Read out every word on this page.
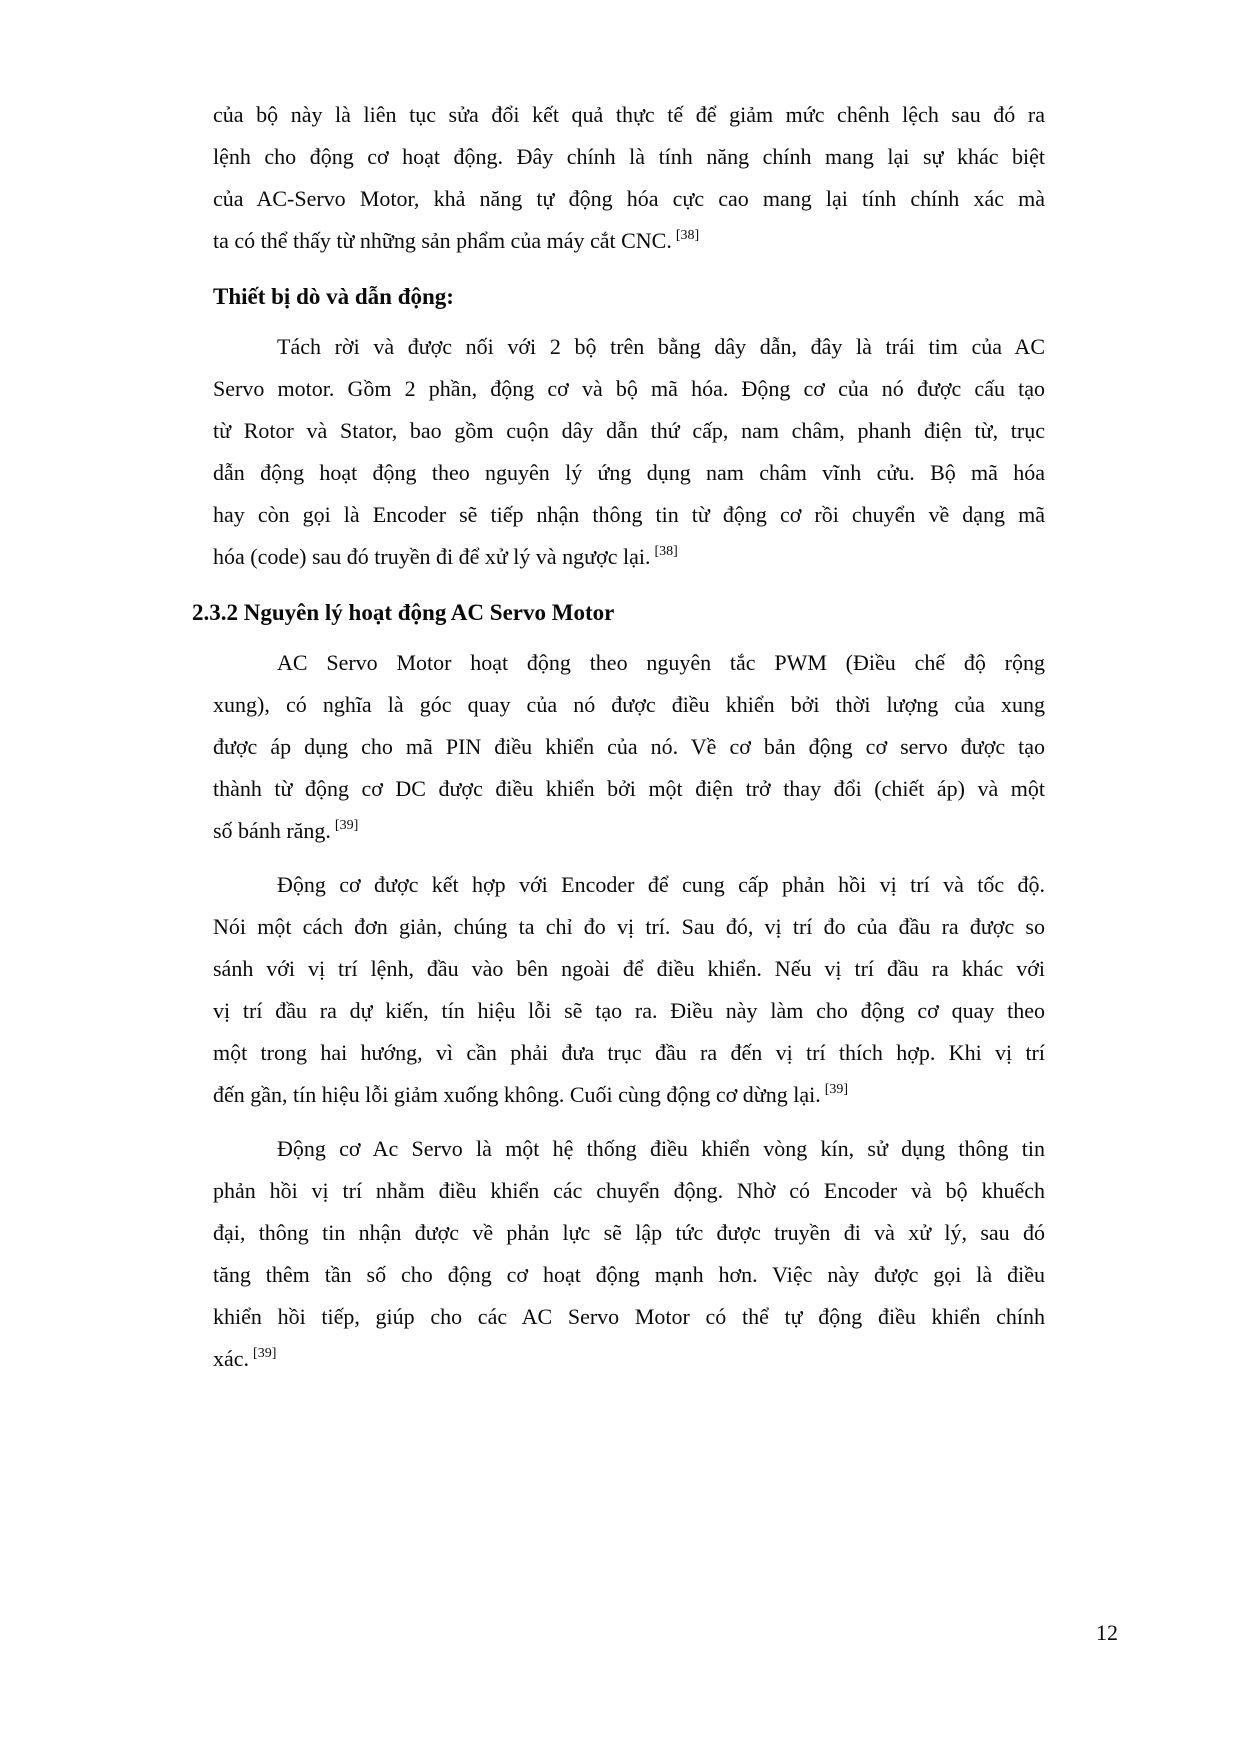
của bộ này là liên tục sửa đổi kết quả thực tế để giảm mức chênh lệch sau đó ra
lệnh cho động cơ hoạt động. Đây chính là tính năng chính mang lại sự khác biệt
của AC-Servo Motor, khả năng tự động hóa cực cao mang lại tính chính xác mà
ta có thể thấy từ những sản phẩm của máy cắt CNC. [38]
Thiết bị dò và dẫn động:
Tách rời và được nối với 2 bộ trên bằng dây dẫn, đây là trái tim của AC
Servo motor. Gồm 2 phần, động cơ và bộ mã hóa. Động cơ của nó được cấu tạo
từ Rotor và Stator, bao gồm cuộn dây dẫn thứ cấp, nam châm, phanh điện từ, trục
dẫn động hoạt động theo nguyên lý ứng dụng nam châm vĩnh cửu. Bộ mã hóa
hay còn gọi là Encoder sẽ tiếp nhận thông tin từ động cơ rồi chuyển về dạng mã
hóa (code) sau đó truyền đi để xử lý và ngược lại. [38]
2.3.2 Nguyên lý hoạt động AC Servo Motor
AC Servo Motor hoạt động theo nguyên tắc PWM (Điều chế độ rộng
xung), có nghĩa là góc quay của nó được điều khiển bởi thời lượng của xung
được áp dụng cho mã PIN điều khiển của nó. Về cơ bản động cơ servo được tạo
thành từ động cơ DC được điều khiển bởi một điện trở thay đổi (chiết áp) và một
số bánh răng. [39]
Động cơ được kết hợp với Encoder để cung cấp phản hồi vị trí và tốc độ.
Nói một cách đơn giản, chúng ta chỉ đo vị trí. Sau đó, vị trí đo của đầu ra được so
sánh với vị trí lệnh, đầu vào bên ngoài để điều khiển. Nếu vị trí đầu ra khác với
vị trí đầu ra dự kiến, tín hiệu lỗi sẽ tạo ra. Điều này làm cho động cơ quay theo
một trong hai hướng, vì cần phải đưa trục đầu ra đến vị trí thích hợp. Khi vị trí
đến gần, tín hiệu lỗi giảm xuống không. Cuối cùng động cơ dừng lại. [39]
Động cơ Ac Servo là một hệ thống điều khiển vòng kín, sử dụng thông tin
phản hồi vị trí nhằm điều khiển các chuyển động. Nhờ có Encoder và bộ khuếch
đại, thông tin nhận được về phản lực sẽ lập tức được truyền đi và xử lý, sau đó
tăng thêm tần số cho động cơ hoạt động mạnh hơn. Việc này được gọi là điều
khiển hồi tiếp, giúp cho các AC Servo Motor có thể tự động điều khiển chính
xác. [39]
12
